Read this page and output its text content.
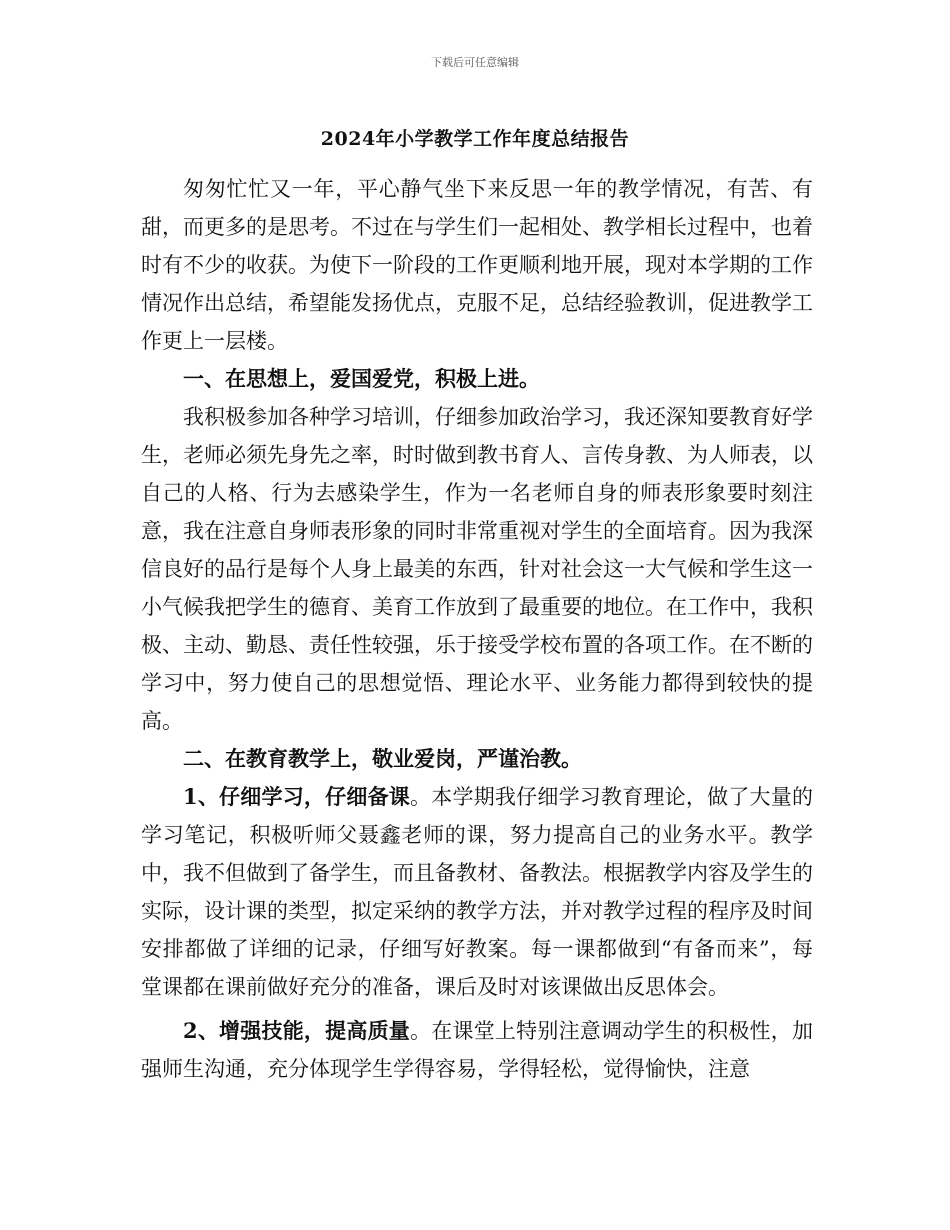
下载后可任意编辑
2024年小学教学工作年度总结报告

匆匆忙忙又一年，平心静气坐下来反思一年的教学情况，有苦、有甜，而更多的是思考。不过在与学生们一起相处、教学相长过程中，也着时有不少的收获。为使下一阶段的工作更顺利地开展，现对本学期的工作情况作出总结，希望能发扬优点，克服不足，总结经验教训，促进教学工作更上一层楼。

一、在思想上，爱国爱党，积极上进。

我积极参加各种学习培训，仔细参加政治学习，我还深知要教育好学生，老师必须先身先之率，时时做到教书育人、言传身教、为人师表，以自己的人格、行为去感染学生，作为一名老师自身的师表形象要时刻注意，我在注意自身师表形象的同时非常重视对学生的全面培育。因为我深信良好的品行是每个人身上最美的东西，针对社会这一大气候和学生这一小气候我把学生的德育、美育工作放到了最重要的地位。在工作中，我积极、主动、勤恳、责任性较强，乐于接受学校布置的各项工作。在不断的学习中，努力使自己的思想觉悟、理论水平、业务能力都得到较快的提高。

二、在教育教学上，敬业爱岗，严谨治教。

1、仔细学习，仔细备课。本学期我仔细学习教育理论，做了大量的学习笔记，积极听师父聂鑫老师的课，努力提高自己的业务水平。教学中，我不但做到了备学生，而且备教材、备教法。根据教学内容及学生的实际，设计课的类型，拟定采纳的教学方法，并对教学过程的程序及时间安排都做了详细的记录，仔细写好教案。每一课都做到“有备而来”，每堂课都在课前做好充分的准备，课后及时对该课做出反思体会。

2、增强技能，提高质量。在课堂上特别注意调动学生的积极性，加强师生沟通，充分体现学生学得容易，学得轻松，觉得愉快，注意
